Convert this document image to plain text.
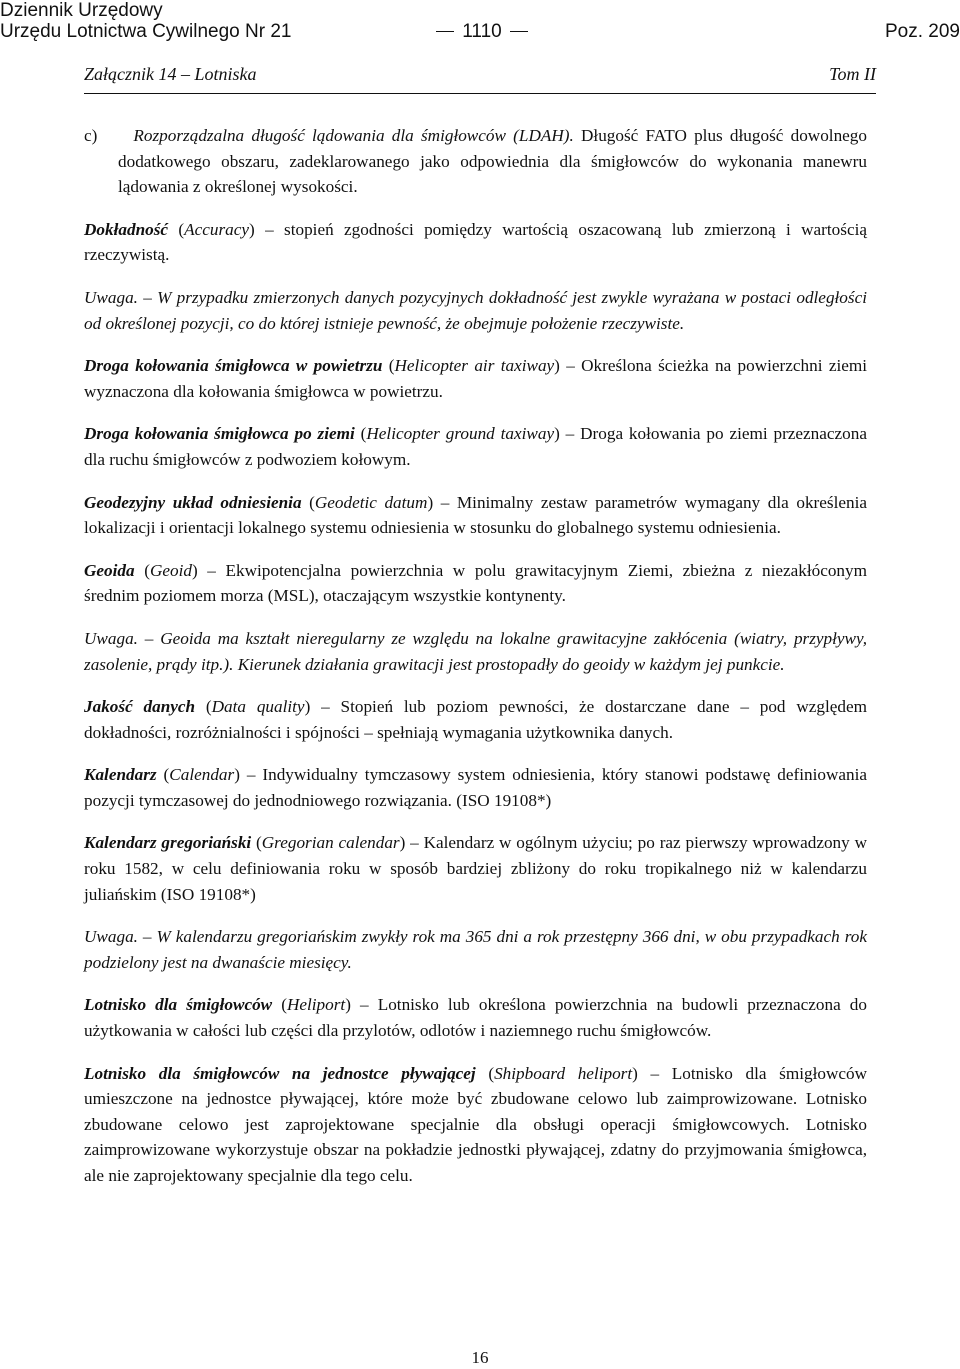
Dziennik Urzędowy
Urzędu Lotnictwa Cywilnego Nr 21	1110	Poz. 209
Załącznik 14 – Lotniska	Tom II

c) Rozporządzalna długość lądowania dla śmigłowców (LDAH). Długość FATO plus długość dowolnego dodatkowego obszaru, zadeklarowanego jako odpowiednia dla śmigłowców do wykonania manewru lądowania z określonej wysokości.

Dokładność (Accuracy) – stopień zgodności pomiędzy wartością oszacowaną lub zmierzoną i wartością rzeczywistą.

Uwaga. – W przypadku zmierzonych danych pozycyjnych dokładność jest zwykle wyrażana w postaci odległości od określonej pozycji, co do której istnieje pewność, że obejmuje położenie rzeczywiste.

Droga kołowania śmigłowca w powietrzu (Helicopter air taxiway) – Określona ścieżka na powierzchni ziemi wyznaczona dla kołowania śmigłowca w powietrzu.

Droga kołowania śmigłowca po ziemi (Helicopter ground taxiway) – Droga kołowania po ziemi przeznaczona dla ruchu śmigłowców z podwoziem kołowym.

Geodezyjny układ odniesienia (Geodetic datum) – Minimalny zestaw parametrów wymagany dla określenia lokalizacji i orientacji lokalnego systemu odniesienia w stosunku do globalnego systemu odniesienia.

Geoida (Geoid) – Ekwipotencjalna powierzchnia w polu grawitacyjnym Ziemi, zbieżna z niezakłóconym średnim poziomem morza (MSL), otaczającym wszystkie kontynenty.

Uwaga. – Geoida ma kształt nieregularny ze względu na lokalne grawitacyjne zakłócenia (wiatry, przypływy, zasolenie, prądy itp.). Kierunek działania grawitacji jest prostopadły do geoidy w każdym jej punkcie.

Jakość danych (Data quality) – Stopień lub poziom pewności, że dostarczane dane – pod względem dokładności, rozróżnialności i spójności – spełniają wymagania użytkownika danych.

Kalendarz (Calendar) – Indywidualny tymczasowy system odniesienia, który stanowi podstawę definiowania pozycji tymczasowej do jednodniowego rozwiązania. (ISO 19108*)

Kalendarz gregoriański (Gregorian calendar) – Kalendarz w ogólnym użyciu; po raz pierwszy wprowadzony w roku 1582, w celu definiowania roku w sposób bardziej zbliżony do roku tropikalnego niż w kalendarzu juliańskim (ISO 19108*)

Uwaga. – W kalendarzu gregoriańskim zwykły rok ma 365 dni a rok przestępny 366 dni, w obu przypadkach rok podzielony jest na dwanaście miesięcy.

Lotnisko dla śmigłowców (Heliport) – Lotnisko lub określona powierzchnia na budowli przeznaczona do użytkowania w całości lub części dla przylotów, odlotów i naziemnego ruchu śmigłowców.

Lotnisko dla śmigłowców na jednostce pływającej (Shipboard heliport) – Lotnisko dla śmigłowców umieszczone na jednostce pływającej, które może być zbudowane celowo lub zaimprowizowane. Lotnisko zbudowane celowo jest zaprojektowane specjalnie dla obsługi operacji śmigłowcowych. Lotnisko zaimprowizowane wykorzystuje obszar na pokładzie jednostki pływającej, zdatny do przyjmowania śmigłowca, ale nie zaprojektowany specjalnie dla tego celu.

16
